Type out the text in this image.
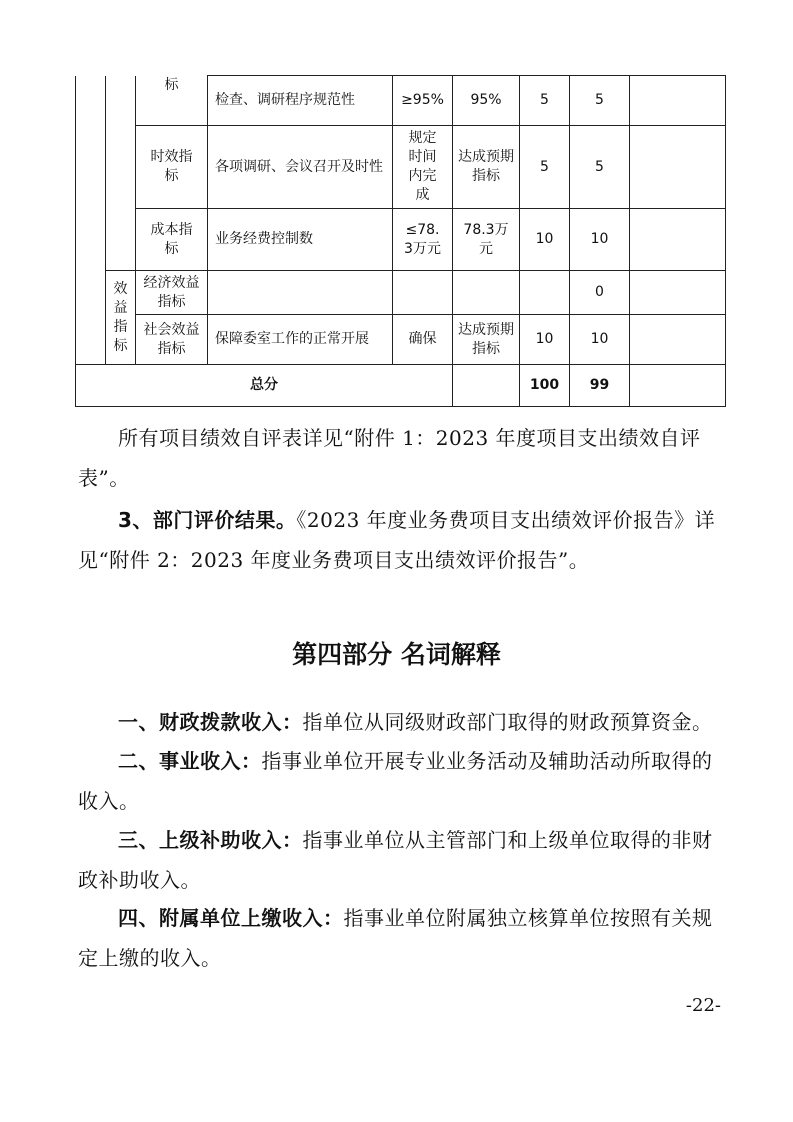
		标	检查、调研程序规范性	≥95%	95%	5	5	
		时效指标	各项调研、会议召开及时性	规定时间内完成	达成预期指标	5	5	
		成本指标	业务经费控制数	≤78.3万元	78.3万元	10	10	
	效益指标	经济效益指标					0	
		社会效益指标	保障委室工作的正常开展	确保	达成预期指标	10	10	
总分						100	99	

所有项目绩效自评表详见“附件 1：2023 年度项目支出绩效自评表”。

3、部门评价结果。《2023 年度业务费项目支出绩效评价报告》详见“附件 2：2023 年度业务费项目支出绩效评价报告”。

第四部分 名词解释

一、财政拨款收入：指单位从同级财政部门取得的财政预算资金。

二、事业收入：指事业单位开展专业业务活动及辅助活动所取得的收入。

三、上级补助收入：指事业单位从主管部门和上级单位取得的非财政补助收入。

四、附属单位上缴收入：指事业单位附属独立核算单位按照有关规定上缴的收入。

-22-
